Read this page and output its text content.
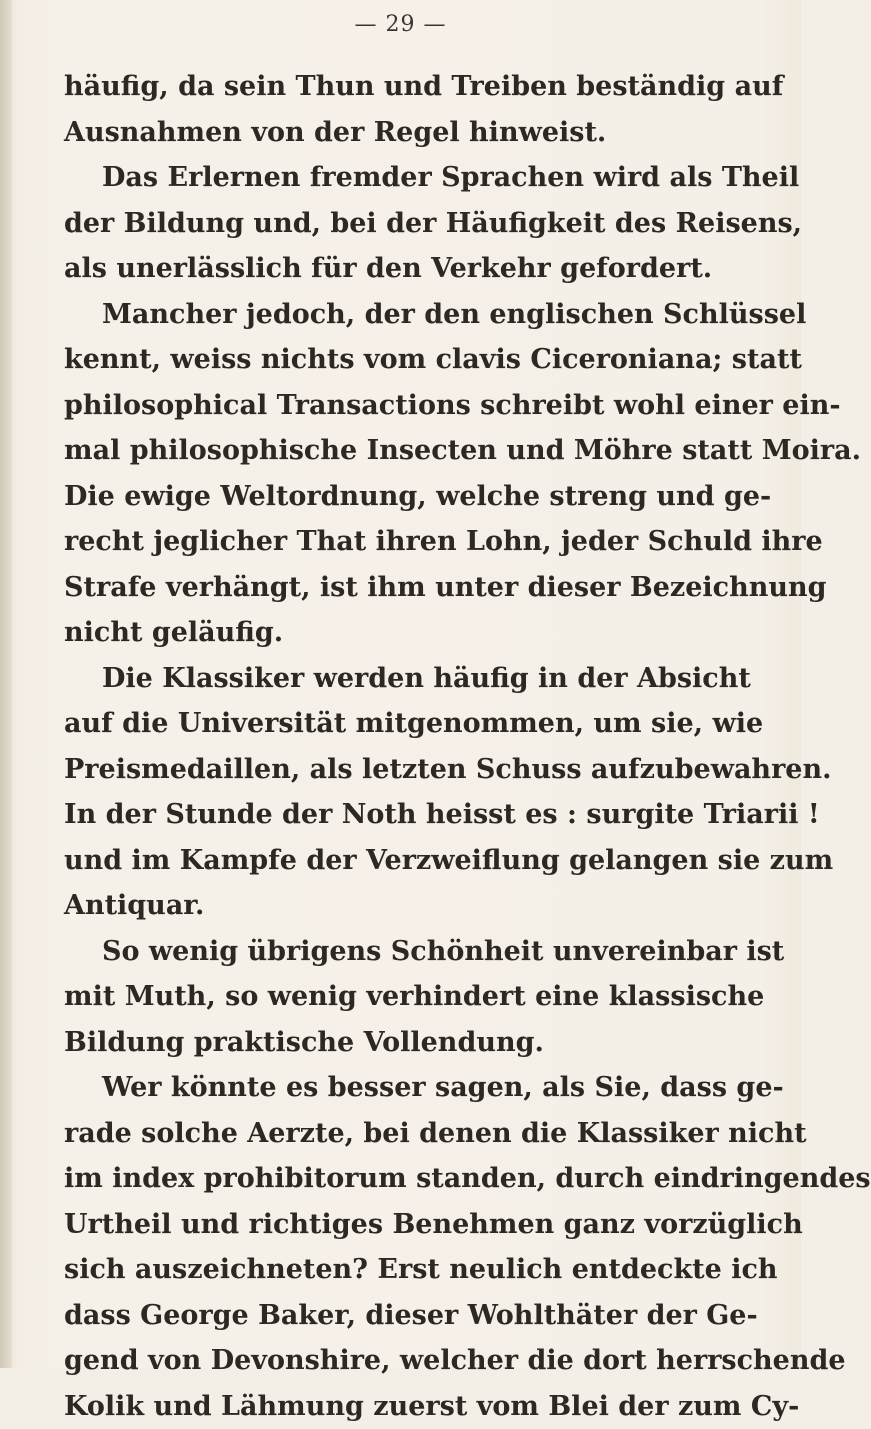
— 29 —
häufig, da sein Thun und Treiben beständig auf
Ausnahmen von der Regel hinweist.
Das Erlernen fremder Sprachen wird als Theil
der Bildung und, bei der Häufigkeit des Reisens,
als unerlässlich für den Verkehr gefordert.
Mancher jedoch, der den englischen Schlüssel
kennt, weiss nichts vom clavis Ciceroniana; statt
philosophical Transactions schreibt wohl einer ein-
mal philosophische Insecten und Möhre statt Moira.
Die ewige Weltordnung, welche streng und ge-
recht jeglicher That ihren Lohn, jeder Schuld ihre
Strafe verhängt, ist ihm unter dieser Bezeichnung
nicht geläufig.
Die Klassiker werden häufig in der Absicht
auf die Universität mitgenommen, um sie, wie
Preismedaillen, als letzten Schuss aufzubewahren.
In der Stunde der Noth heisst es : surgite Triarii !
und im Kampfe der Verzweiflung gelangen sie zum
Antiquar.
So wenig übrigens Schönheit unvereinbar ist
mit Muth, so wenig verhindert eine klassische
Bildung praktische Vollendung.
Wer könnte es besser sagen, als Sie, dass ge-
rade solche Aerzte, bei denen die Klassiker nicht
im index prohibitorum standen, durch eindringendes
Urtheil und richtiges Benehmen ganz vorzüglich
sich auszeichneten? Erst neulich entdeckte ich
dass George Baker, dieser Wohlthäter der Ge-
gend von Devonshire, welcher die dort herrschende
Kolik und Lähmung zuerst vom Blei der zum Cy-
